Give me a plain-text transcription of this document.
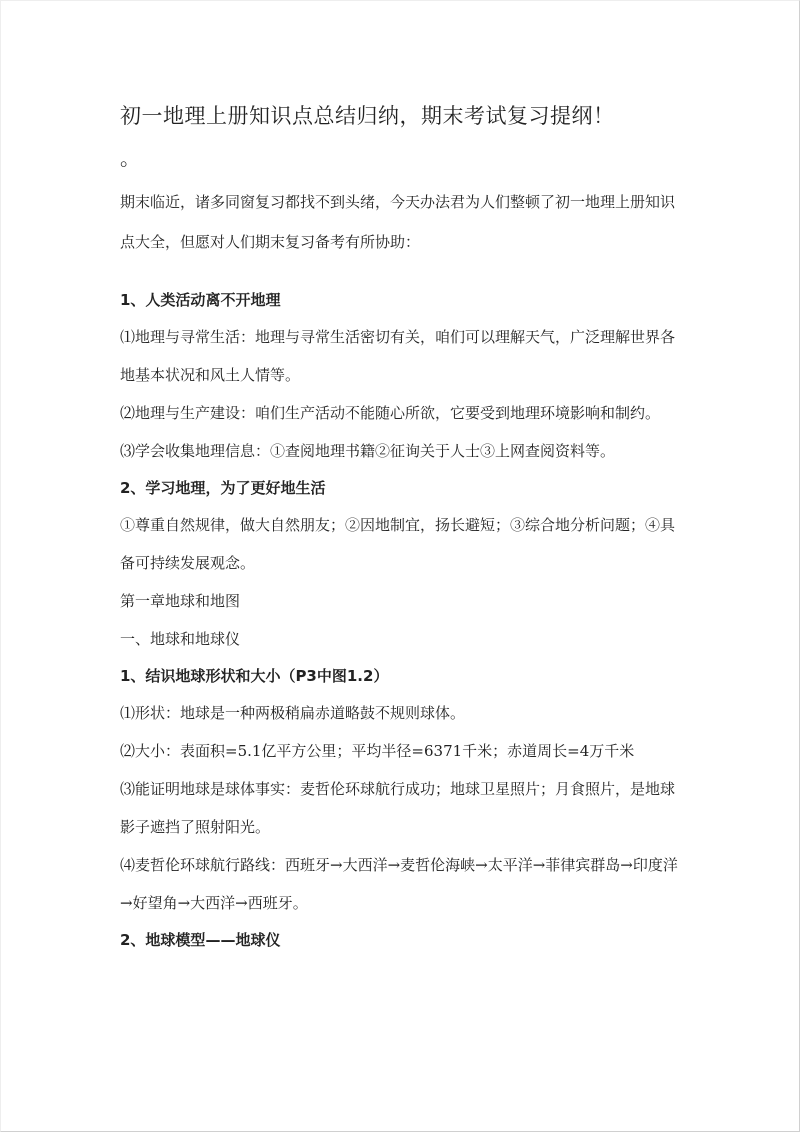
初一地理上册知识点总结归纳，期末考试复习提纲！

。

期末临近，诸多同窗复习都找不到头绪，今天办法君为人们整顿了初一地理上册知识点大全，但愿对人们期末复习备考有所协助：

1、人类活动离不开地理

⑴地理与寻常生活：地理与寻常生活密切有关，咱们可以理解天气，广泛理解世界各地基本状况和风土人情等。

⑵地理与生产建设：咱们生产活动不能随心所欲，它要受到地理环境影响和制约。

⑶学会收集地理信息：①查阅地理书籍②征询关于人士③上网查阅资料等。

2、学习地理，为了更好地生活

①尊重自然规律，做大自然朋友；②因地制宜，扬长避短；③综合地分析问题；④具备可持续发展观念。

第一章地球和地图

一、地球和地球仪

1、结识地球形状和大小（P3中图1.2）

⑴形状：地球是一种两极稍扁赤道略鼓不规则球体。

⑵大小：表面积=5.1亿平方公里；平均半径=6371千米；赤道周长=4万千米

⑶能证明地球是球体事实：麦哲伦环球航行成功；地球卫星照片；月食照片，是地球影子遮挡了照射阳光。

⑷麦哲伦环球航行路线：西班牙→大西洋→麦哲伦海峡→太平洋→菲律宾群岛→印度洋→好望角→大西洋→西班牙。

2、地球模型——地球仪
